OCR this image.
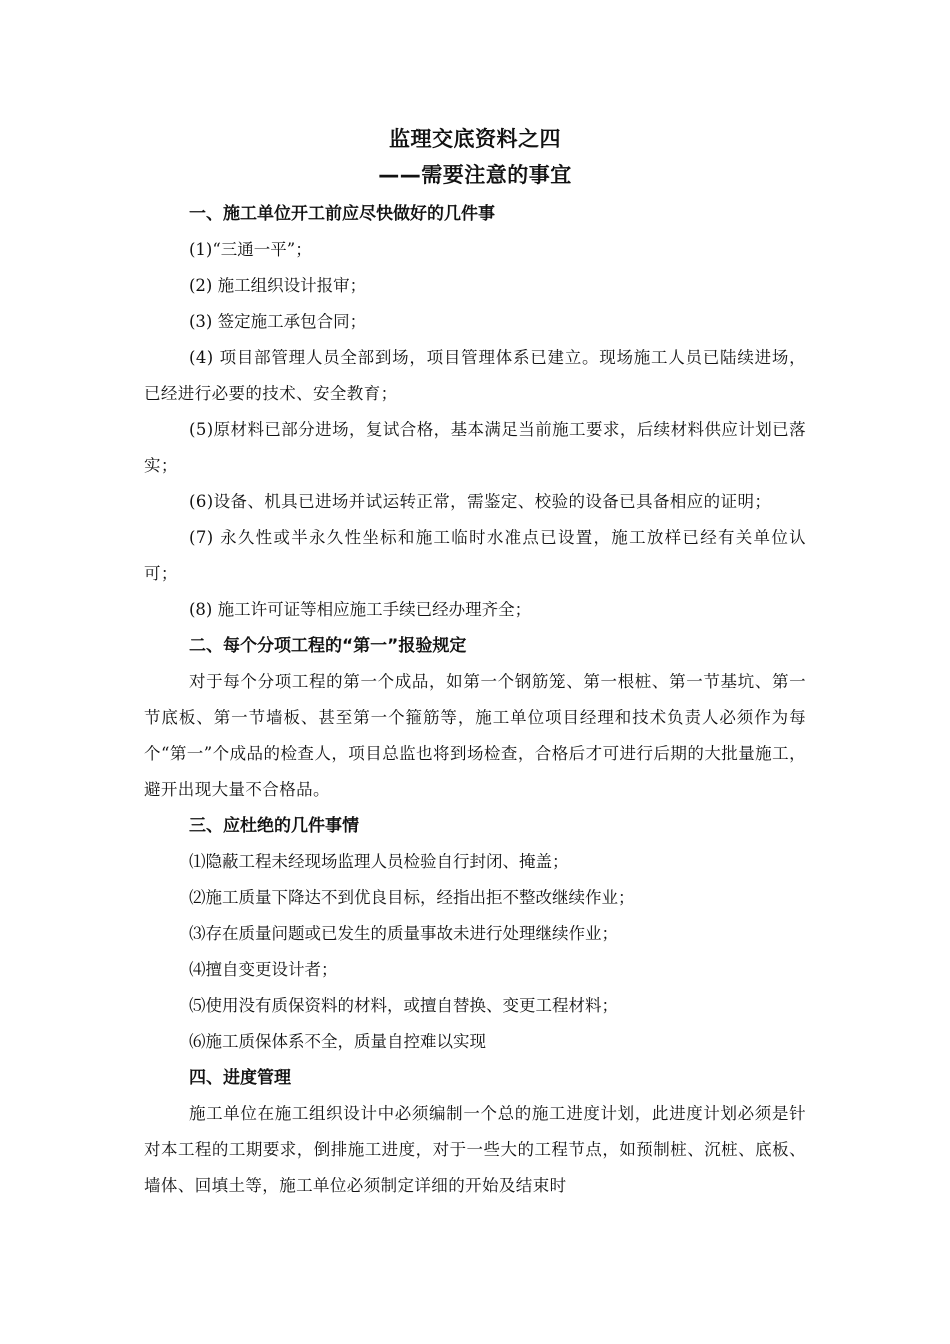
监理交底资料之四
——需要注意的事宜

一、施工单位开工前应尽快做好的几件事

(1)“三通一平”；

(2) 施工组织设计报审；

(3) 签定施工承包合同；

(4) 项目部管理人员全部到场，项目管理体系已建立。现场施工人员已陆续进场，已经进行必要的技术、安全教育；

(5)原材料已部分进场，复试合格，基本满足当前施工要求，后续材料供应计划已落实；

(6)设备、机具已进场并试运转正常，需鉴定、校验的设备已具备相应的证明；

(7) 永久性或半永久性坐标和施工临时水准点已设置，施工放样已经有关单位认可；

(8) 施工许可证等相应施工手续已经办理齐全；

二、每个分项工程的“第一”报验规定

对于每个分项工程的第一个成品，如第一个钢筋笼、第一根桩、第一节基坑、第一节底板、第一节墙板、甚至第一个箍筋等，施工单位项目经理和技术负责人必须作为每个“第一”个成品的检查人，项目总监也将到场检查，合格后才可进行后期的大批量施工，避开出现大量不合格品。

三、应杜绝的几件事情

⑴隐蔽工程未经现场监理人员检验自行封闭、掩盖；

⑵施工质量下降达不到优良目标，经指出拒不整改继续作业；

⑶存在质量问题或已发生的质量事故未进行处理继续作业；

⑷擅自变更设计者；

⑸使用没有质保资料的材料，或擅自替换、变更工程材料；

⑹施工质保体系不全，质量自控难以实现

四、进度管理

施工单位在施工组织设计中必须编制一个总的施工进度计划，此进度计划必须是针对本工程的工期要求，倒排施工进度，对于一些大的工程节点，如预制桩、沉桩、底板、墙体、回填土等，施工单位必须制定详细的开始及结束时
